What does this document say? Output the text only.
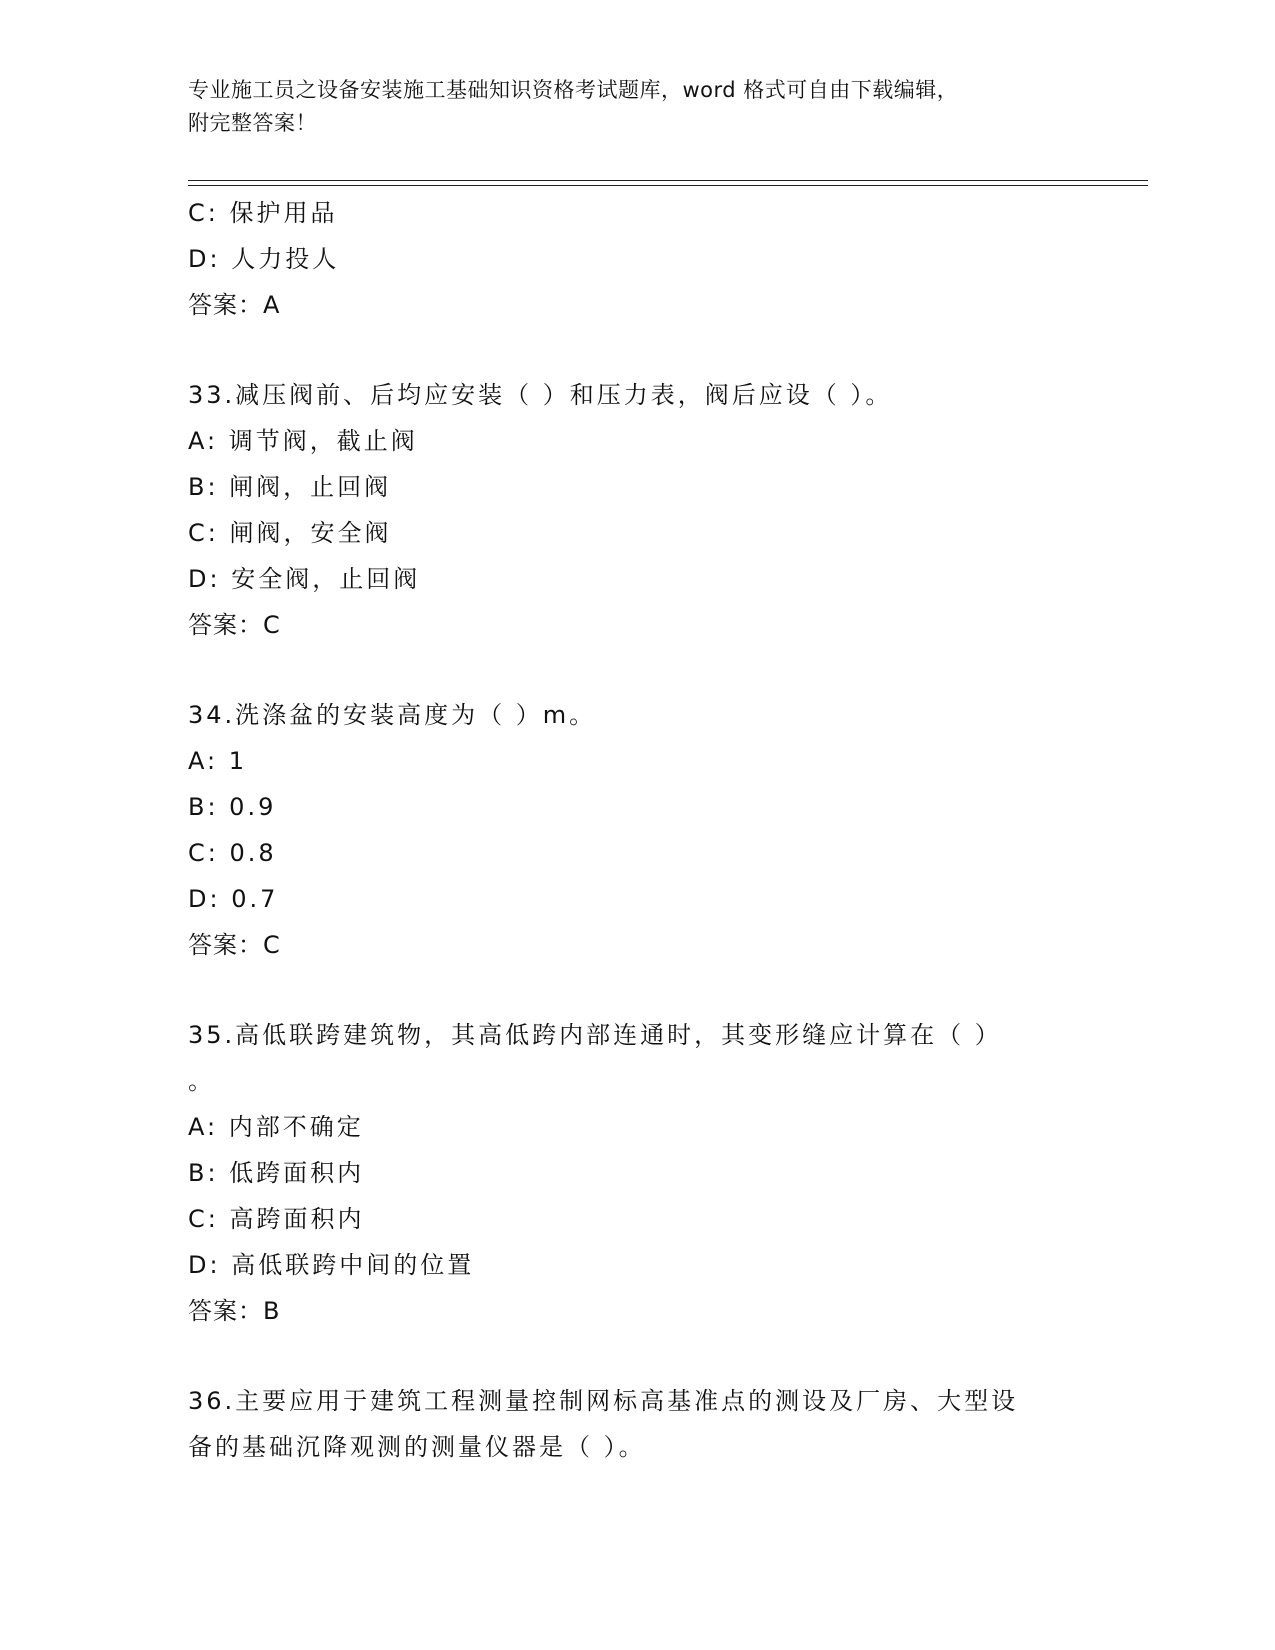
专业施工员之设备安装施工基础知识资格考试题库，word 格式可自由下载编辑，
附完整答案！
C: 保护用品
D: 人力投人
答案：A
33.减压阀前、后均应安装（ ）和压力表，阀后应设（ ）。
A: 调节阀，截止阀
B: 闸阀，止回阀
C: 闸阀，安全阀
D: 安全阀，止回阀
答案：C
34.洗涤盆的安装高度为（ ）m。
A: 1
B: 0.9
C: 0.8
D: 0.7
答案：C
35.高低联跨建筑物，其高低跨内部连通时，其变形缝应计算在（ ）
。
A: 内部不确定
B: 低跨面积内
C: 高跨面积内
D: 高低联跨中间的位置
答案：B
36.主要应用于建筑工程测量控制网标高基准点的测设及厂房、大型设
备的基础沉降观测的测量仪器是（ ）。
